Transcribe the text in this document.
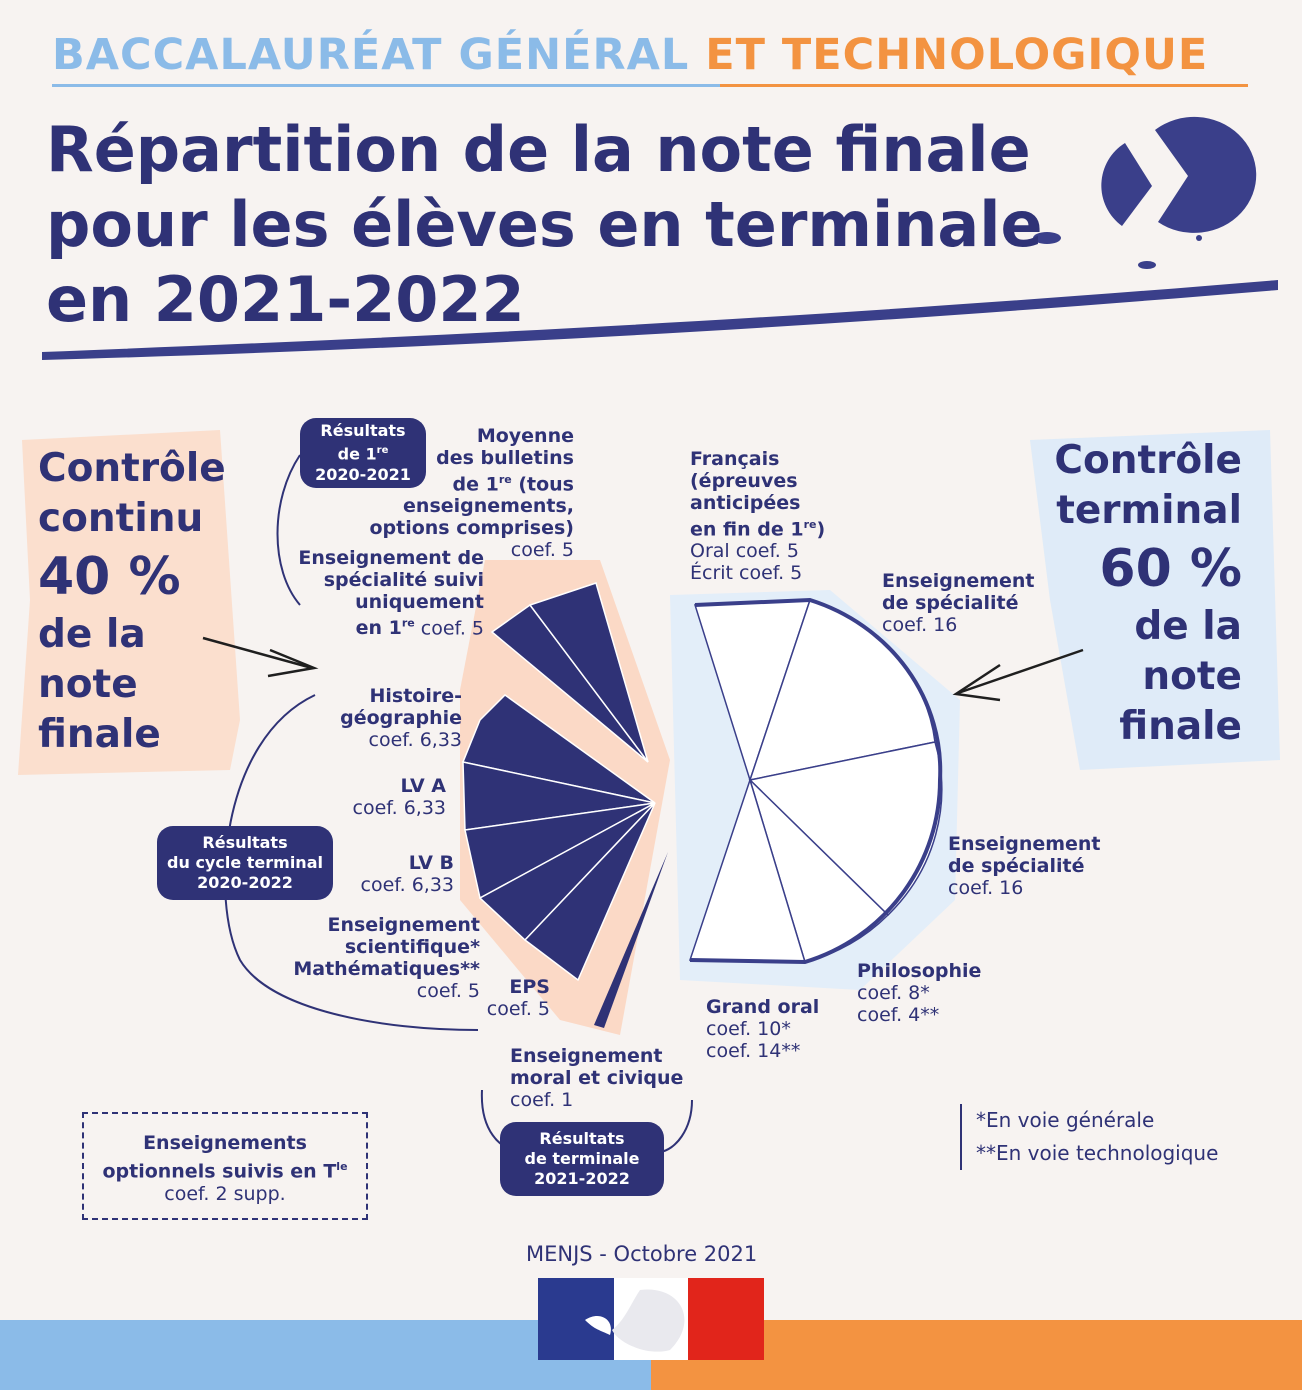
BACCALAURÉAT GÉNÉRAL ET TECHNOLOGIQUE
Répartition de la note finale
pour les élèves en terminale
en 2021-2022
Contrôle
continu
40 %
de la
note
finale
Contrôle
terminal
60 %
de la
note
finale
Résultats
de 1re
2020-2021
Résultats
du cycle terminal
2020-2022
Résultats
de terminale
2021-2022
Moyenne
des bulletins
de 1re (tous
enseignements,
options comprises)
coef. 5
Enseignement de
spécialité suivi
uniquement
en 1re coef. 5
Histoire-
géographie
coef. 6,33
LV A
coef. 6,33
LV B
coef. 6,33
Enseignement
scientifique*
Mathématiques**
coef. 5	EPS
coef. 5
Enseignement
moral et civique
coef. 1
Français
(épreuves
anticipées
en fin de 1re)
Oral coef. 5
Écrit coef. 5	Enseignement
de spécialité
coef. 16
Enseignement
de spécialité
coef. 16
Philosophie
coef. 8*
coef. 4**
Grand oral
coef. 10*
coef. 14**
Enseignements
optionnels suivis en $T^{le}$
coef. 2 supp.
*En voie générale
**En voie technologique
MENJS - Octobre 2021
